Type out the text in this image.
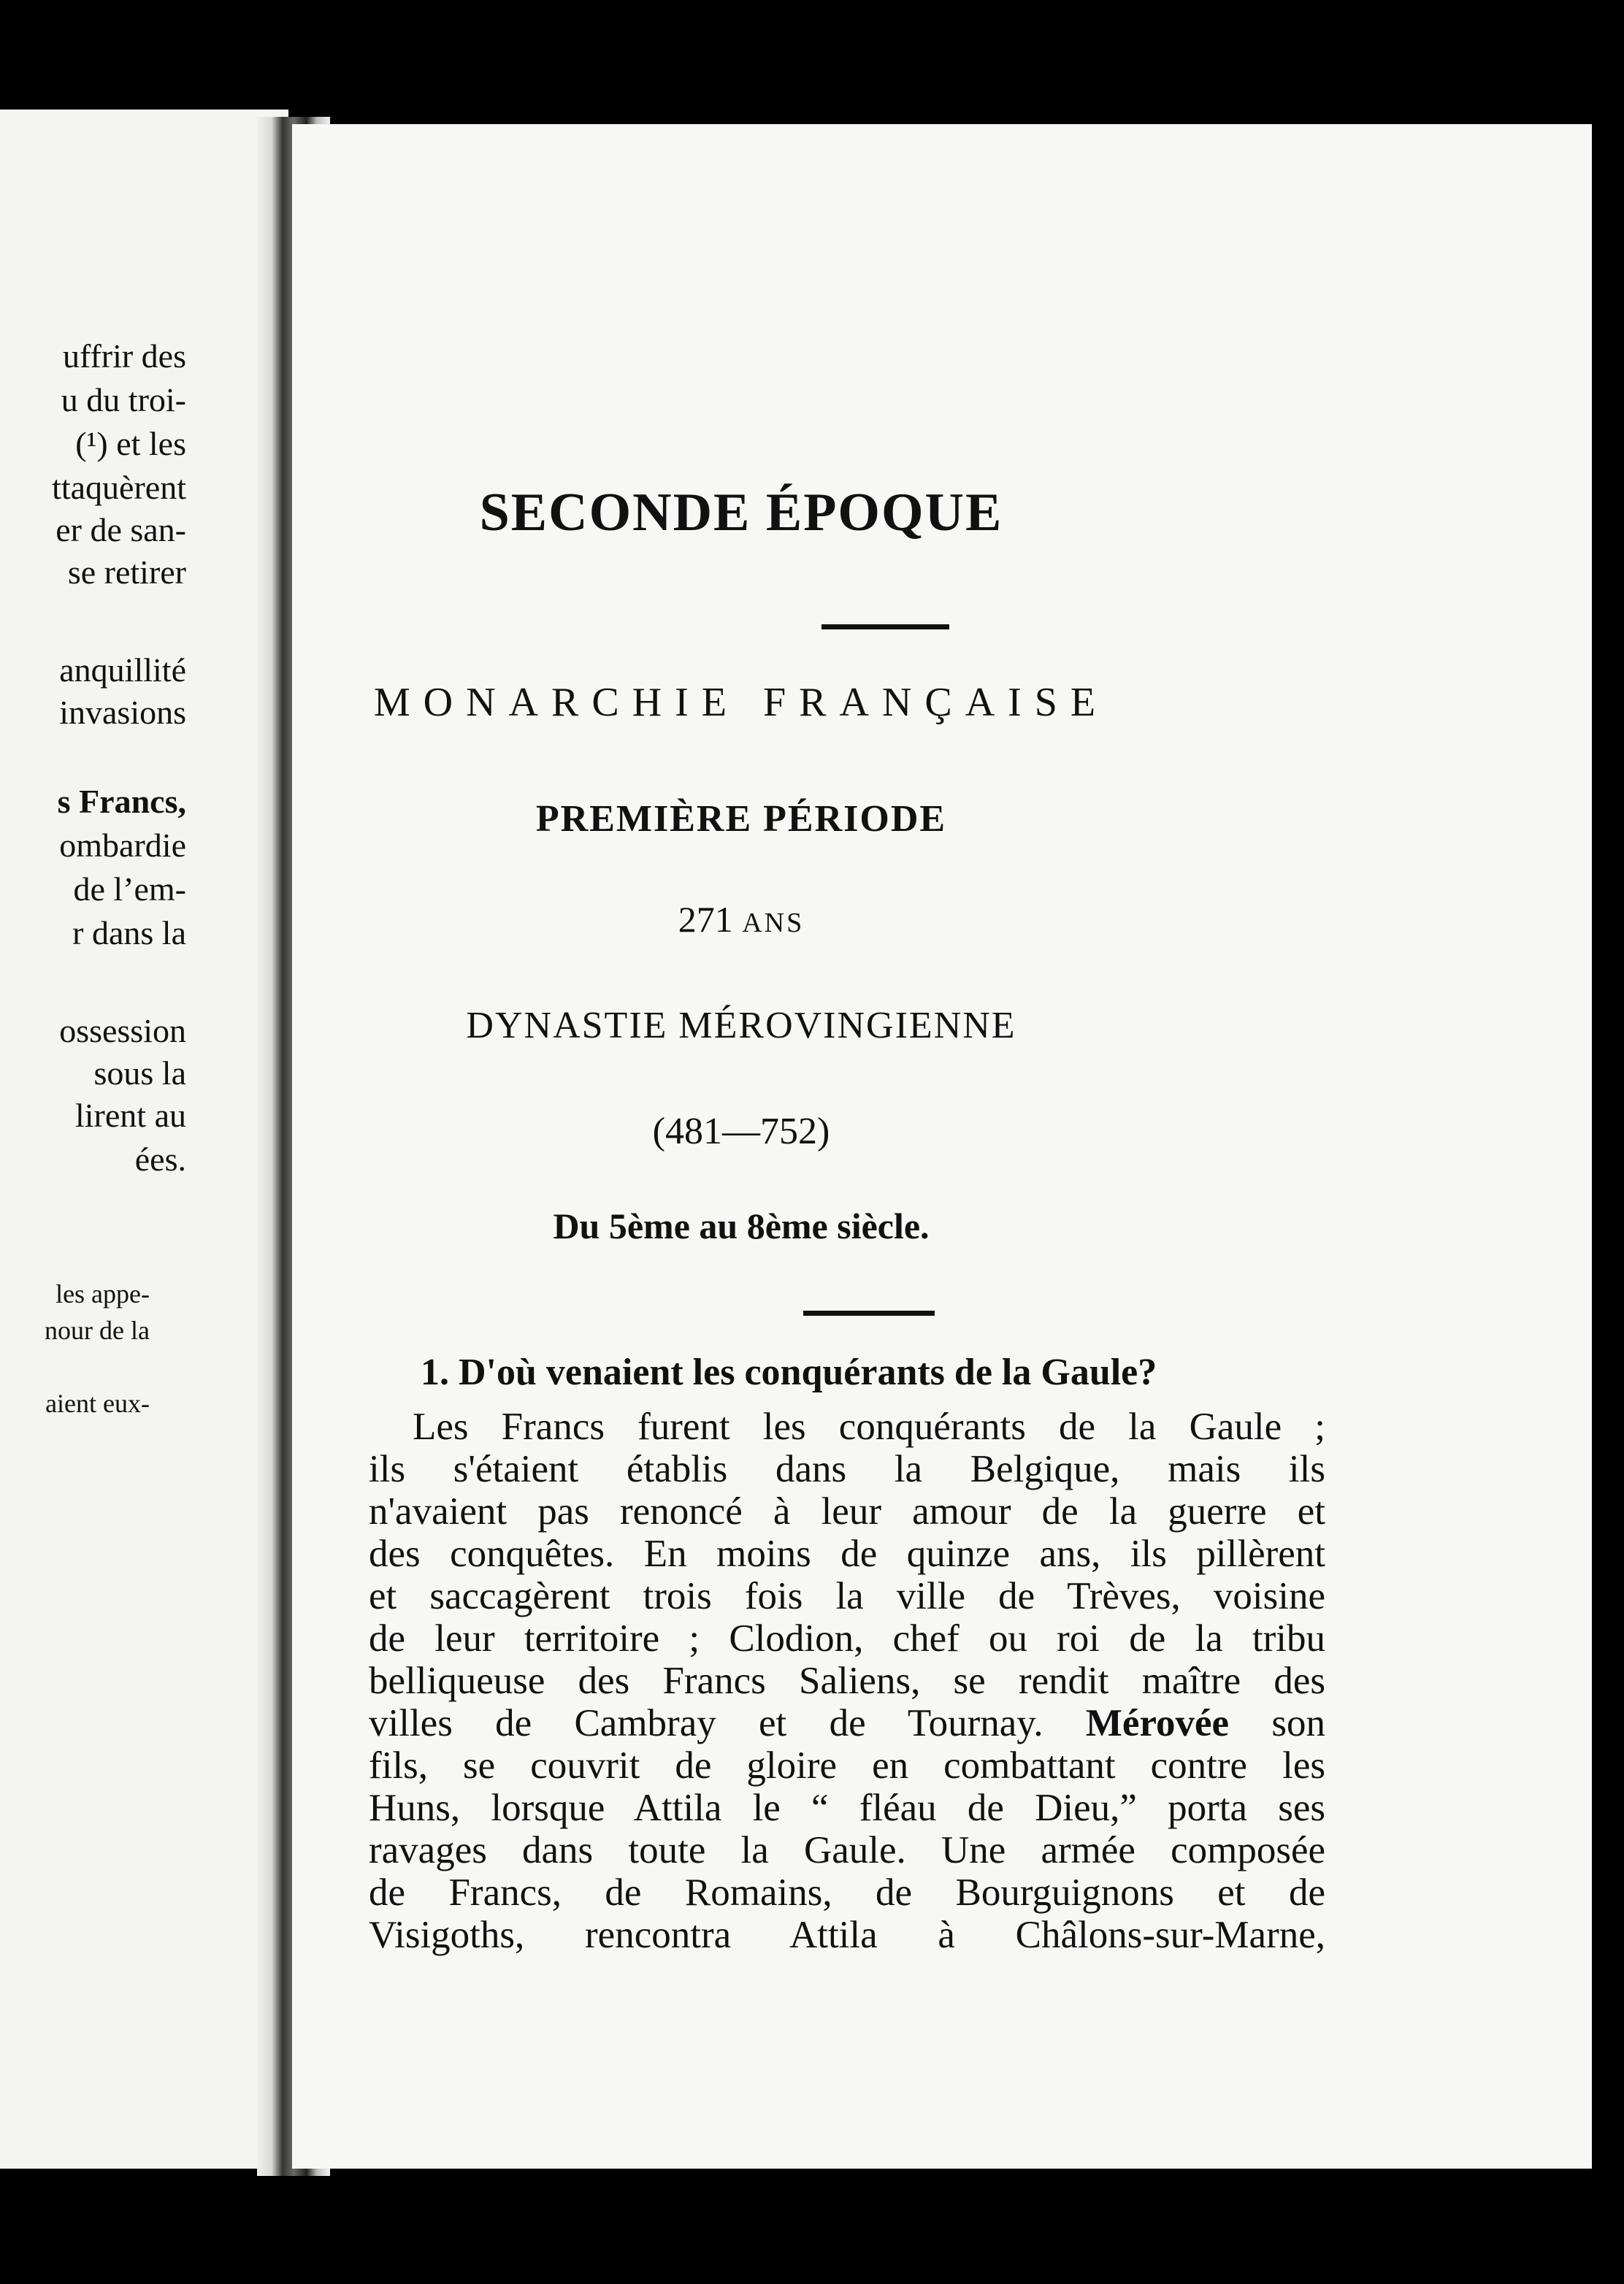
uffrir des
u du troi-
(¹) et les
ttaquèrent
er de san-
se retirer
anquillité
invasions
s Francs,
ombardie
de l’em-
r dans la
ossession
sous la
lirent au
ées.
les appe-
nour de la
aient eux-
SECONDE ÉPOQUE
MONARCHIE FRANÇAISE
PREMIÈRE PÉRIODE
271 ANS
DYNASTIE MÉROVINGIENNE
(481—752)
Du 5ème au 8ème siècle.
1. D'où venaient les conquérants de la Gaule?
Les Francs furent les conquérants de la Gaule ;
ils s'étaient établis dans la Belgique, mais ils
n'avaient pas renoncé à leur amour de la guerre et
des conquêtes. En moins de quinze ans, ils pillèrent
et saccagèrent trois fois la ville de Trèves, voisine
de leur territoire ; Clodion, chef ou roi de la tribu
belliqueuse des Francs Saliens, se rendit maître des
villes de Cambray et de Tournay. Mérovée son
fils, se couvrit de gloire en combattant contre les
Huns, lorsque Attila le “ fléau de Dieu,” porta ses
ravages dans toute la Gaule. Une armée composée
de Francs, de Romains, de Bourguignons et de
Visigoths, rencontra Attila à Châlons-sur-Marne,
